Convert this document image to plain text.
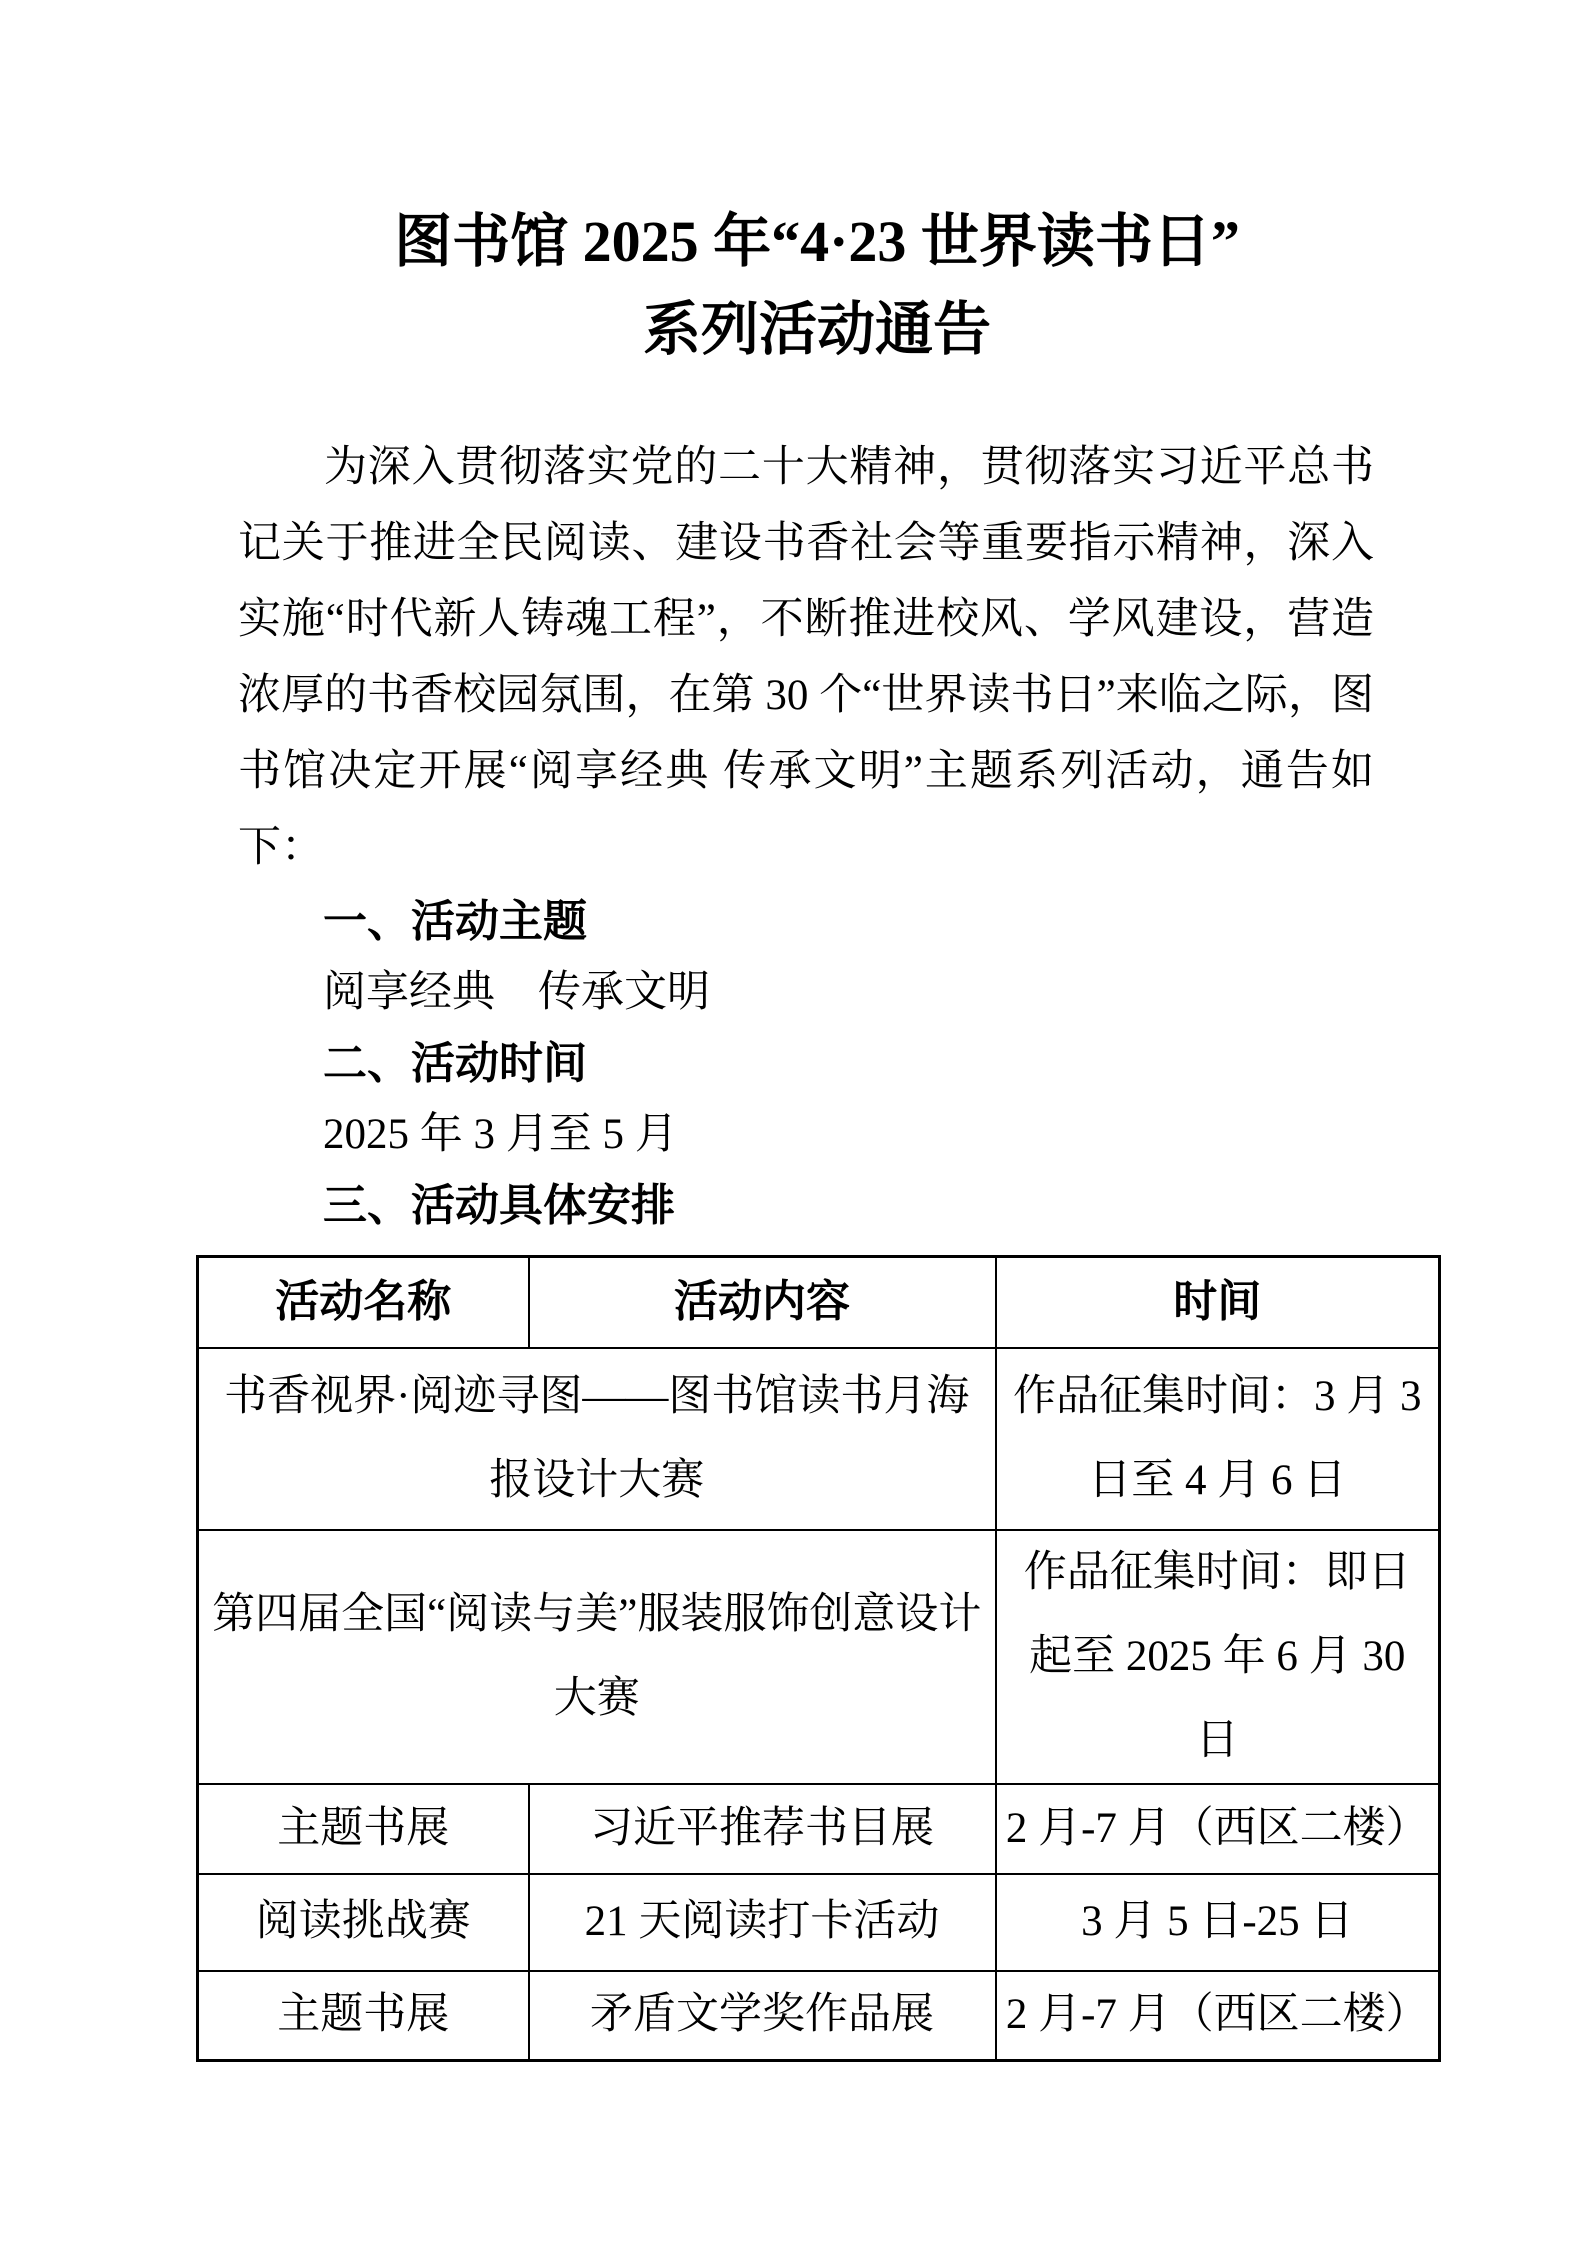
图书馆 2025 年“4·23 世界读书日”
系列活动通告

为深入贯彻落实党的二十大精神，贯彻落实习近平总书记关于推进全民阅读、建设书香社会等重要指示精神，深入实施“时代新人铸魂工程”，不断推进校风、学风建设，营造浓厚的书香校园氛围，在第 30 个“世界读书日”来临之际，图书馆决定开展“阅享经典 传承文明”主题系列活动，通告如下：

一、活动主题
阅享经典　传承文明
二、活动时间
2025 年 3 月至 5 月
三、活动具体安排
活动名称	活动内容	时间
书香视界·阅迹寻图——图书馆读书月海报设计大赛		作品征集时间：3 月 3 日至 4 月 6 日
第四届全国“阅读与美”服装服饰创意设计大赛		作品征集时间：即日起至 2025 年 6 月 30 日
主题书展	习近平推荐书目展	2 月-7 月（西区二楼）
阅读挑战赛	21 天阅读打卡活动	3 月 5 日-25 日
主题书展	矛盾文学奖作品展	2 月-7 月（西区二楼）
